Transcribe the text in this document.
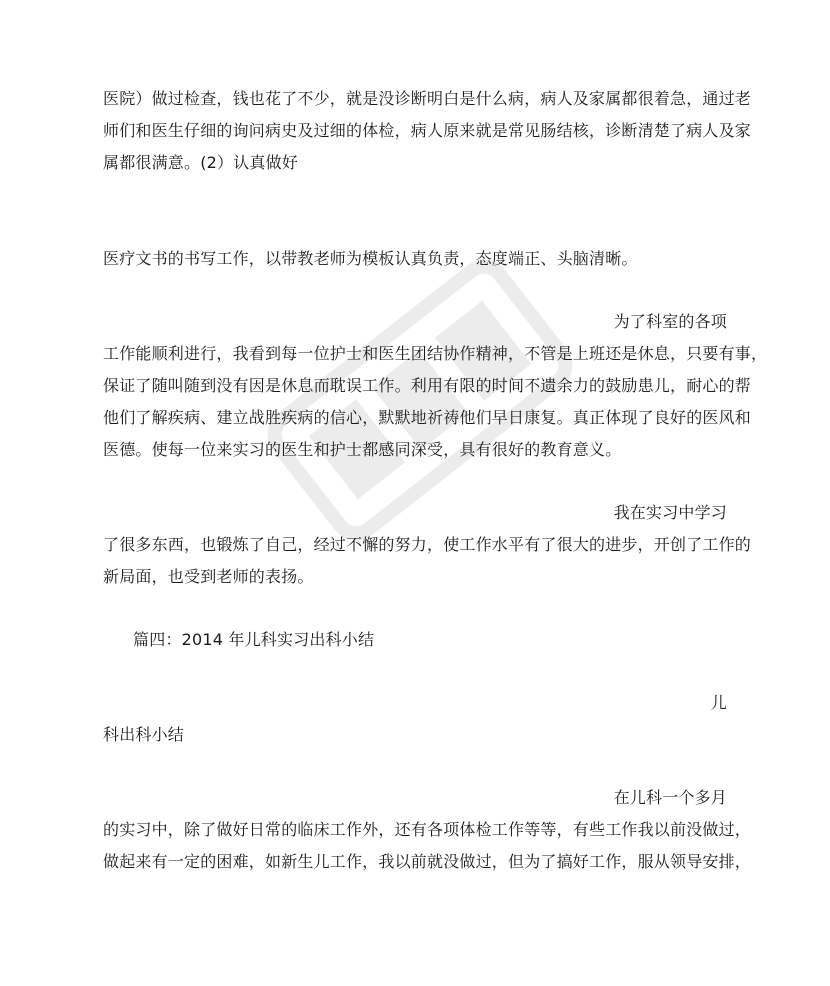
医院）做过检查，钱也花了不少，就是没诊断明白是什么病，病人及家属都很着急，通过老
师们和医生仔细的询问病史及过细的体检，病人原来就是常见肠结核，诊断清楚了病人及家
属都很满意。(2）认真做好
医疗文书的书写工作，以带教老师为模板认真负责，态度端正、头脑清晰。
为了科室的各项
工作能顺利进行，我看到每一位护士和医生团结协作精神，不管是上班还是休息，只要有事，
保证了随叫随到没有因是休息而耽误工作。利用有限的时间不遗余力的鼓励患儿，耐心的帮
他们了解疾病、建立战胜疾病的信心，默默地祈祷他们早日康复。真正体现了良好的医风和
医德。使每一位来实习的医生和护士都感同深受，具有很好的教育意义。
我在实习中学习
了很多东西，也锻炼了自己，经过不懈的努力，使工作水平有了很大的进步，开创了工作的
新局面，也受到老师的表扬。
篇四：2014 年儿科实习出科小结
儿
科出科小结
在儿科一个多月
的实习中，除了做好日常的临床工作外，还有各项体检工作等等，有些工作我以前没做过，
做起来有一定的困难，如新生儿工作，我以前就没做过，但为了搞好工作，服从领导安排，
